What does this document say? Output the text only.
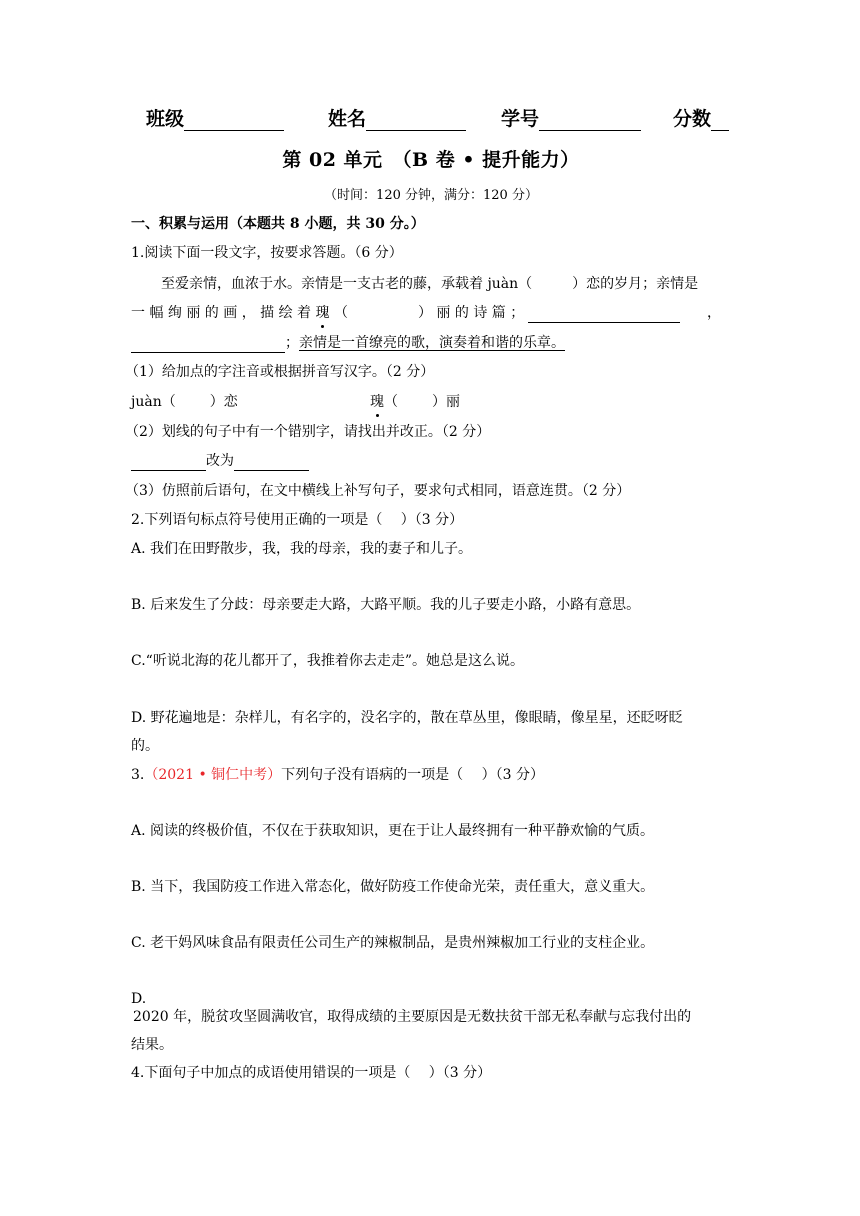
班级	姓名	学号	分数
第 02 单元　（B 卷 • 提升能力）
（时间：120 分钟，满分：120 分）
一、积累与运用（本题共 8 小题，共 30 分。）
1.阅读下面一段文字，按要求答题。（6 分）
至爱亲情，血浓于水。亲情是一支古老的藤，承载着 juàn（	）恋的岁月；亲情是
一 幅 绚 丽 的 画 ， 描 绘 着 瑰 （	） 丽 的 诗 篇 ；	，
；亲情是一首缭亮的歌，演奏着和谐的乐章。
（1）给加点的字注音或根据拼音写汉字。（2 分）
juàn（ ）恋	瑰（ ）丽
（2）划线的句子中有一个错别字，请找出并改正。（2 分）
改为
（3）仿照前后语句，在文中横线上补写句子，要求句式相同，语意连贯。（2 分）
2.下列语句标点符号使用正确的一项是（　 ）（3 分）
A. 我们在田野散步，我，我的母亲，我的妻子和儿子。
B. 后来发生了分歧：母亲要走大路，大路平顺。我的儿子要走小路，小路有意思。
C.“听说北海的花儿都开了，我推着你去走走”。她总是这么说。
D. 野花遍地是：杂样儿，有名字的，没名字的，散在草丛里，像眼睛，像星星，还眨呀眨
的。
3.（2021 • 铜仁中考）下列句子没有语病的一项是（　 ）（3 分）
A. 阅读的终极价值，不仅在于获取知识，更在于让人最终拥有一种平静欢愉的气质。
B. 当下，我国防疫工作进入常态化，做好防疫工作使命光荣，责任重大，意义重大。
C. 老干妈风味食品有限责任公司生产的辣椒制品，是贵州辣椒加工行业的支柱企业。
D.
2020 年，脱贫攻坚圆满收官，取得成绩的主要原因是无数扶贫干部无私奉献与忘我付出的
结果。
4.下面句子中加点的成语使用错误的一项是（　 ）（3 分）
